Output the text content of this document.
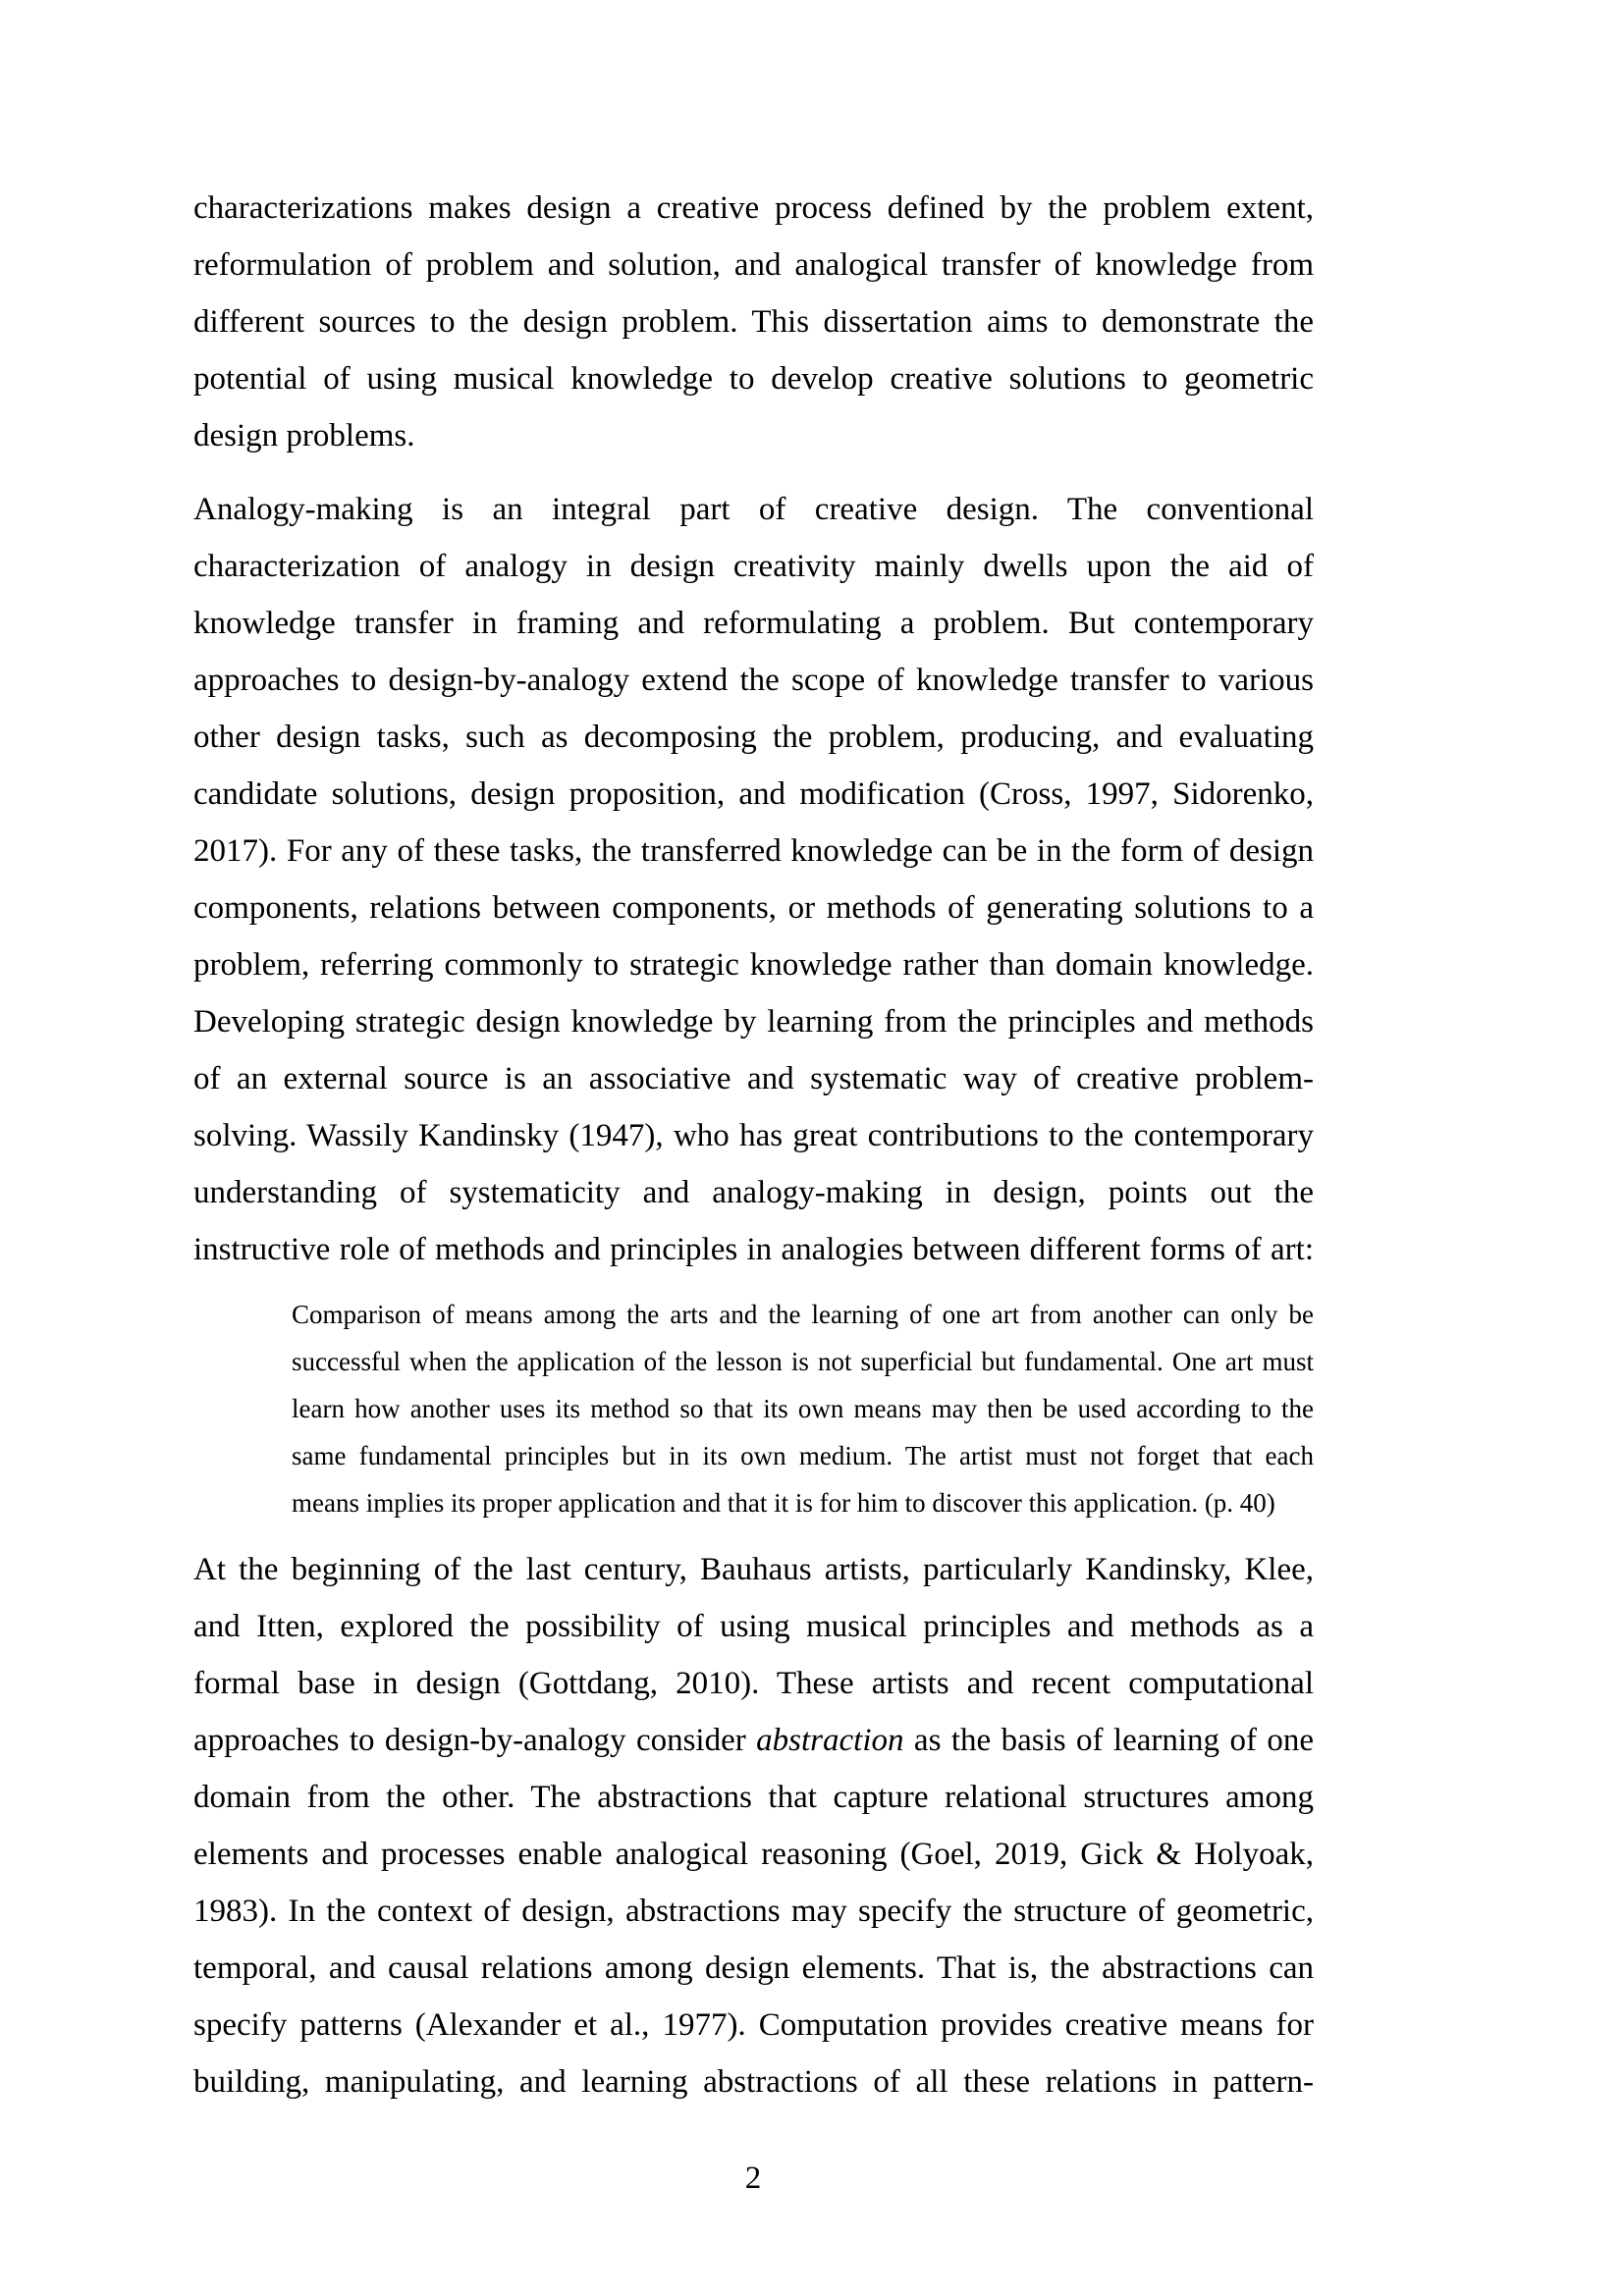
characterizations makes design a creative process defined by the problem extent,
reformulation of problem and solution, and analogical transfer of knowledge from
different sources to the design problem. This dissertation aims to demonstrate the
potential of using musical knowledge to develop creative solutions to geometric
design problems.
Analogy-making is an integral part of creative design. The conventional
characterization of analogy in design creativity mainly dwells upon the aid of
knowledge transfer in framing and reformulating a problem. But contemporary
approaches to design-by-analogy extend the scope of knowledge transfer to various
other design tasks, such as decomposing the problem, producing, and evaluating
candidate solutions, design proposition, and modification (Cross, 1997, Sidorenko,
2017). For any of these tasks, the transferred knowledge can be in the form of design
components, relations between components, or methods of generating solutions to a
problem, referring commonly to strategic knowledge rather than domain knowledge.
Developing strategic design knowledge by learning from the principles and methods
of an external source is an associative and systematic way of creative problem-
solving. Wassily Kandinsky (1947), who has great contributions to the contemporary
understanding of systematicity and analogy-making in design, points out the
instructive role of methods and principles in analogies between different forms of art:
Comparison of means among the arts and the learning of one art from another can only be
successful when the application of the lesson is not superficial but fundamental. One art must
learn how another uses its method so that its own means may then be used according to the
same fundamental principles but in its own medium. The artist must not forget that each
means implies its proper application and that it is for him to discover this application. (p. 40)
At the beginning of the last century, Bauhaus artists, particularly Kandinsky, Klee,
and Itten, explored the possibility of using musical principles and methods as a
formal base in design (Gottdang, 2010). These artists and recent computational
approaches to design-by-analogy consider abstraction as the basis of learning of one
domain from the other. The abstractions that capture relational structures among
elements and processes enable analogical reasoning (Goel, 2019, Gick & Holyoak,
1983). In the context of design, abstractions may specify the structure of geometric,
temporal, and causal relations among design elements. That is, the abstractions can
specify patterns (Alexander et al., 1977). Computation provides creative means for
building, manipulating, and learning abstractions of all these relations in pattern-
2
